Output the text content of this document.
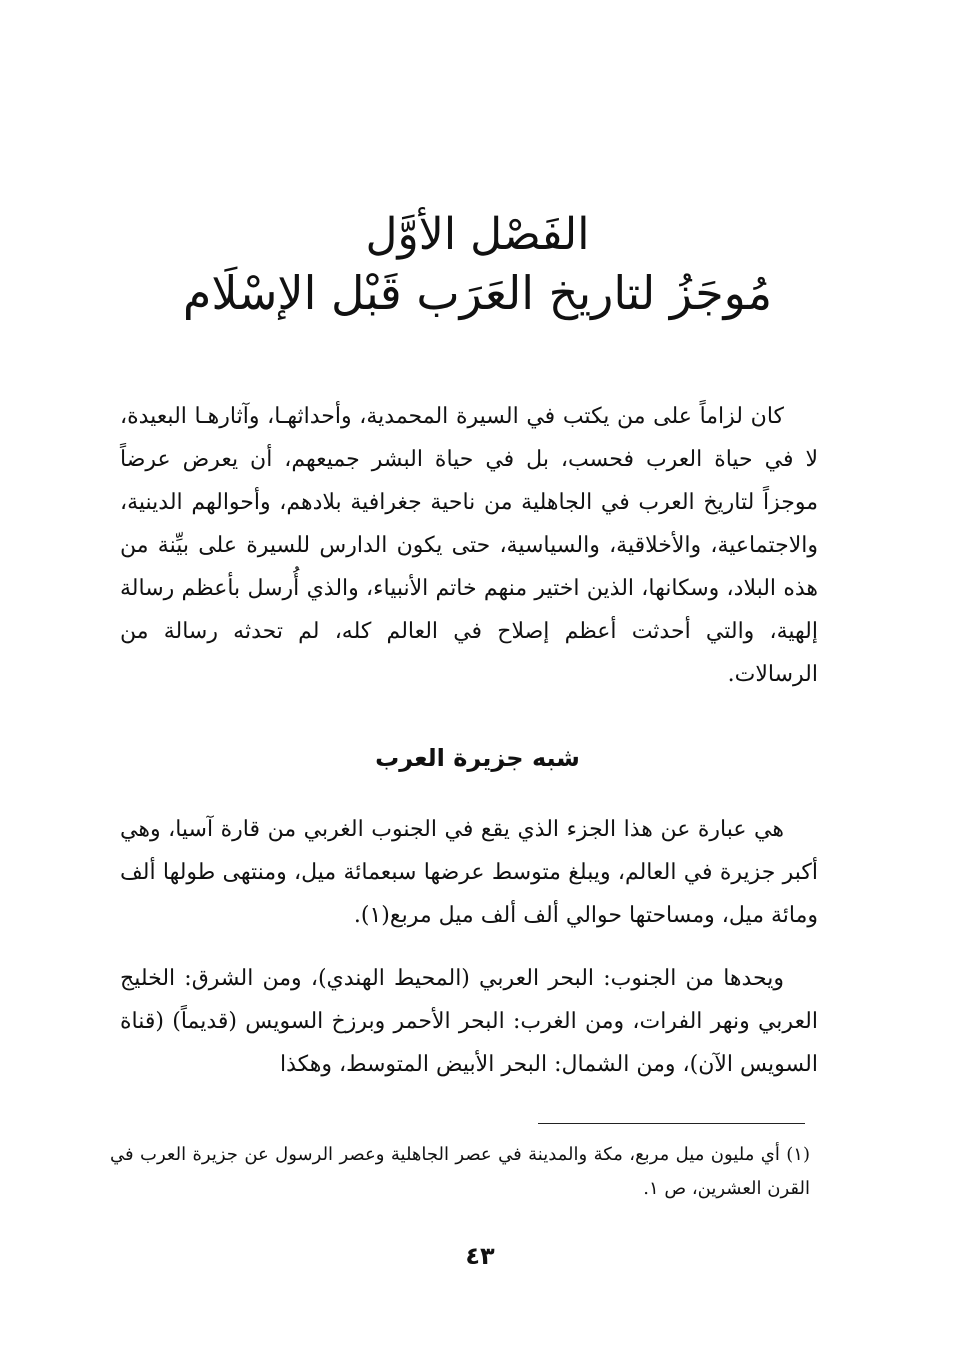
الفَصْل الأوَّل
مُوجَزُ لتاريخ العَرَب قَبْل الإسْلَام

كان لزاماً على من يكتب في السيرة المحمدية، وأحداثهـا، وآثارهـا البعيدة، لا في حياة العرب فحسب، بل في حياة البشر جميعهم، أن يعرض عرضاً موجزاً لتاريخ العرب في الجاهلية من ناحية جغرافية بلادهم، وأحوالهم الدينية، والاجتماعية، والأخلاقية، والسياسية، حتى يكون الدارس للسيرة على بيِّنة من هذه البلاد، وسكانها، الذين اختير منهم خاتم الأنبياء، والذي أُرسل بأعظم رسالة إلهية، والتي أحدثت أعظم إصلاح في العالم كله، لم تحدثه رسالة من الرسالات.

شبه جزيرة العرب

هي عبارة عن هذا الجزء الذي يقع في الجنوب الغربي من قارة آسيا، وهي أكبر جزيرة في العالم، ويبلغ متوسط عرضها سبعمائة ميل، ومنتهى طولها ألف ومائة ميل، ومساحتها حوالي ألف ألف ميل مربع(١).

ويحدها من الجنوب: البحر العربي (المحيط الهندي)، ومن الشرق: الخليج العربي ونهر الفرات، ومن الغرب: البحر الأحمر وبرزخ السويس (قديماً) (قناة السويس الآن)، ومن الشمال: البحر الأبيض المتوسط، وهكذا

(١) أي مليون ميل مربع، مكة والمدينة في عصر الجاهلية وعصر الرسول عن جزيرة العرب في القرن العشرين، ص ١.
٤٣
